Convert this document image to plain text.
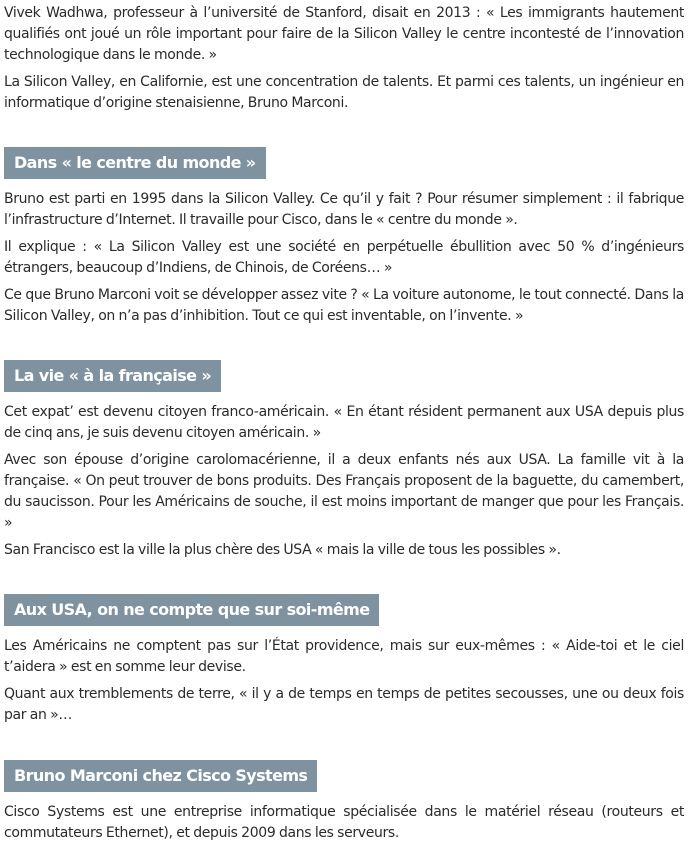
Vivek Wadhwa, professeur à l’université de Stanford, disait en 2013 : « Les immigrants hautement qualifiés ont joué un rôle important pour faire de la Silicon Valley le centre incontesté de l’innovation technologique dans le monde. »

La Silicon Valley, en Californie, est une concentration de talents. Et parmi ces talents, un ingénieur en informatique d’origine stenaisienne, Bruno Marconi.

Dans « le centre du monde »

Bruno est parti en 1995 dans la Silicon Valley. Ce qu’il y fait ? Pour résumer simplement : il fabrique l’infrastructure d’Internet. Il travaille pour Cisco, dans le « centre du monde ».

Il explique : « La Silicon Valley est une société en perpétuelle ébullition avec 50 % d’ingénieurs étrangers, beaucoup d’Indiens, de Chinois, de Coréens… »

Ce que Bruno Marconi voit se développer assez vite ? « La voiture autonome, le tout connecté. Dans la Silicon Valley, on n’a pas d’inhibition. Tout ce qui est inventable, on l’invente. »

La vie « à la française »

Cet expat’ est devenu citoyen franco-américain. « En étant résident permanent aux USA depuis plus de cinq ans, je suis devenu citoyen américain. »

Avec son épouse d’origine carolomacérienne, il a deux enfants nés aux USA. La famille vit à la française. « On peut trouver de bons produits. Des Français proposent de la baguette, du camembert, du saucisson. Pour les Américains de souche, il est moins important de manger que pour les Français. »

San Francisco est la ville la plus chère des USA « mais la ville de tous les possibles ».

Aux USA, on ne compte que sur soi-même

Les Américains ne comptent pas sur l’État providence, mais sur eux-mêmes : « Aide-toi et le ciel t’aidera » est en somme leur devise.

Quant aux tremblements de terre, « il y a de temps en temps de petites secousses, une ou deux fois par an »…

Bruno Marconi chez Cisco Systems

Cisco Systems est une entreprise informatique spécialisée dans le matériel réseau (routeurs et commutateurs Ethernet), et depuis 2009 dans les serveurs.
